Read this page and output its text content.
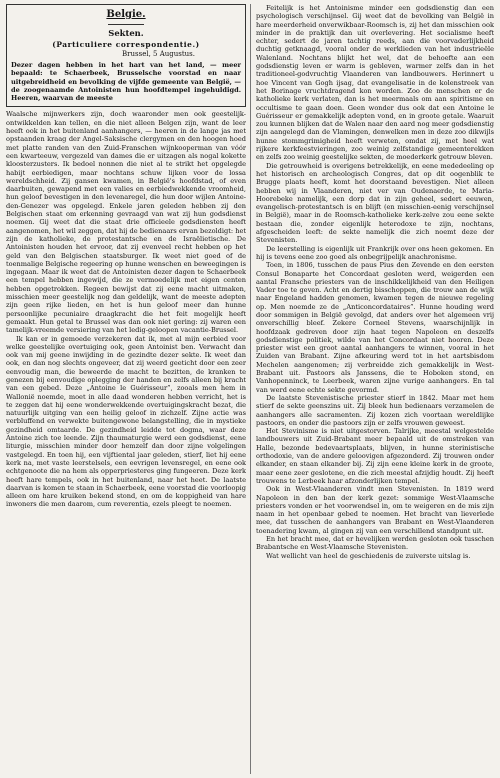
Belgie.
Sekten.
(Particuliere correspondentie.)
Brussel, 5 Augustus.

Dezer dagen hebben in het hart van het land, — meer bepaald: te Schaerbeek, Brusselsche voorstad en naar uitgebreidheid en bevolking de vijfde gemeente van België, — de zoogenaamde Antoinisten hun hoofdtempel ingehuldigd. Heeren, waarvan de meeste

Waalsche mijnwerkers zijn, doch waaronder men ook geestelijk-ontwikkelden kan tellen, en die niet alleen Belgen zijn, want de leer heeft ook in het buitenland aanhangers, — heeren in de lange jas met opstaanden kraag der Angel-Saksische clergymen en den hoogen hoed met platte randen van den Zuid-Franschen wijnkooperman van vóór een kwarteeuw, vergezeld van dames die er uitzagen als nogal kokette kloosterzusters. Ik bedoel nonnen die niet al te strikt het opgelegde habijt eerbiedigen, maar nochtans schuw lijken voor de lossa wereldschheid. Zij gansen kwamen, in België's hoofdstad, of even daarbuiten, gewapend met een valies en eerbiedwekkende vroomheid, hun geloof bevestigen in den levenaregel, die hun door wijlen Antoine-den-Genezer was opgelegd. Enkele jaren geleden hebben zij den Belgischen staat om erkenning gevraagd van wat zij hun godsdienst noemen. Gij weet dat die staat drie officieele godsdiensten heeft aangenomen, het wil zeggen, dat hij de bedienaars ervan bezoldigt: het zijn de katholieke, de protestantsche en de Israëlietische. De Antoinisten houden het ervoor, dat zij evenveel recht hebben op het geld van den Belgischen staatsburger. Ik weet niet goed of de toenmalige Belgische regeering op hunne wenschen en beweegingen is ingegaan. Maar ik weet dat de Antoinisten dezer dagen te Schaerbeek een tempel hebben ingewijd, die ze vermoedelijk met eigen centen hebben opgetrokken. Regeen bewijst dat zij eene macht uitmaken, misschien meer geestelijk nog dan geldelijk, want de meeste adepten zijn geen rijke lieden, en het is hun geloof meer dan hunne persoonlijke pecuniaire draagkracht die het feit mogelijk heeft gemaakt. Hun getal te Brussel was dan ook niet gering: zij waren een tamelijk-vreemde versiering van het ledig-geloopen vacantie-Brussel.

Ik kan er in gemoede verzekeren dat ik, met al mijn eerbied voor welke geestelijke overtuiging ook, geen Antoinist ben. Verwacht dan ook van mij geene inwijding in de gezindte dezer sekte. Ik weet dan ook, en dan nog slechts ongeveer, dat zij weerd geeticht door een zeer eenvoudig man, die beweerde de macht te bezitten, de kranken te genezen bij eenvoudige oplegging der handen en zelfs alleen bij kracht van een gebed. Deze „Antoine le Guérisseur”, zooals men hem in Wallonië noemde, moet in alle daad wonderen hebben verricht, het is te zeggen dat hij eene wonderwekkende overtuigingskracht bezat, die natuurlijk uitging van een heilig geloof in zichzelf. Zijne actie was verbluffend en verwekte buitengewone belangstelling, die in mystieke gezindheid omtaarde. De gezindheid leidde tot dogma, waar deze Antoine zich toe leende. Zijn thaumaturgie werd een godsdienst, eene liturgie, misschien minder door hemzelf dan door zijne volgelingen vastgelegd. En toen hij, een vijftiental jaar geleden, stierf, liet hij eene kerk na, met vaste leerstelsels, een eevrigen levensregel, en eene ook echtgenoote die na hem als opperpriesteres ging fungeeren. Deze kerk heeft hare tempels, ook in het buitenland, naar het heet. De laatste daarvan is komen te staan in Schaerbeek, eene voorstad die voorloopig alleen om hare kruiken bekend stond, en om de koppigheid van hare inwoners die men daarom, cum reverentia, ezels pleegt te noemen.

Feitelijk is het Antoinisme minder een godsdienstig dan een psychologisch verschijnsel. Gij weet dat de bevolking van België in hare meerderheid onverwikbaar-Roomsch is, zij het dan misschien ook minder in de praktijk dan uit overlevering. Het socialisme heeft echter, sedert de jaren tachtig reeds, aan die voorvaderlijkheid duchtig getknaagd, vooral onder de werklieden van het industrieële Walenland. Nochtans blijkt het wel, dat de behoefte aan een godsdienstig leven er warm is gebleven, warmer zelfs dan in het traditioneel-godvruchtig Vlaanderen van landbouwers. Herinnert u hoe Vincent van Gogh ijsag, dat evangelisatie in de kolenstreek van het Borinage vruchtdragend kon worden. Zoo de menschen er de katholieke kerk verlaten, dan is het meermaals om aan spiritisme en occultisme te gaan doen. Geen wonder dus ook dat een Antoine le Guérisseur er gemakkelijk adepten vond, en in groote getale. Waaruit zou kunnen blijken dat de Walen naar den aard nog meer godsdienstig zijn aangelegd dan de Vlamingen, denwelken men in deze zoo dikwijls hunne stommgrimigheid heeft verweten, omdat zij, met heel wat rijkere kerkfeestvieringen, zoo weinig zelfstandige gemeenterekken en zelfs zoo weinig geestelijke sekten, de moederkerk getrouw bleven.

Die getrouwheid is overigens betrekkelijk, en eene mededeeling op het historisch en archeologisch Congres, dat op dit oogenblik te Brugge plaats heeft, komt het doorstaand bevestigen. Niet alleen hebben wij in Vlaanderen, niet ver van Oudenaerde, te Maria-Hoorebeke namelijk, een dorp dat in zijn geheel, sedert eeuwen, evangelisch-protestantsch is en blijft (en misschien-eenig verschijnsel in België), maar in de Roomsch-katholieke kerk-zelve zou eene sekte bestaan die, zonder eigenlijk heterodoxe te zijn, nochtans, afgescheiden leeft: de sekte namelijk die zich noemt deze der Stevenisten.

De leerstelling is eigenlijk uit Frankrijk over ons heen gekomen. En hij is tevens eene zoo goed als onbegrijpelijk anachronisme.

Toen, in 1806, tusschen de paus Pius den Zevende en den eersten Consul Bonaparte het Concordaat gesloten werd, weigerden een aantal Fransche priesters van de inschikkelijkheid van den Heiligen Vader toe te geven. Acht en dertig bisschoppen, die trouw aan de wijk naar Engeland hadden genomen, kwamen tegen de nieuwe regeling op. Men noemde ze de „Anticoncordataires”. Hunne houding werd door sommigen in België gevolgd, dat anders over het algemeen vrij onverschillig bleef. Zekere Corneel Stevens, waarschijnlijk in hoofdzaak gedreven door zijn haat tegen Napoleon en deszelfs godsdienstige politiek, wilde van het Concordaat niet hooren. Deze priester wist een groot aantal aanhangers te winnen, vooral in het Zuiden van Brabant. Zijne afkeuring werd tot in het aartsbisdom Mechelen aangenomen; zij verbreidde zich gemakkelijk in West-Brabant uit. Pastoors als Janssens, die te Hoboken stond, en Vanhopenninck, te Leerbeek, waren zijne vurige aanhangers. En tal van werd eene echte sekte gevormd.

De laatste Stevenistische priester stierf in 1842. Maar met hem stierf de sekte geenszins uit. Zij bleek hun bedienaars verzamelen de aanhangers alle sacramenten. Zij kozen zich voortaan wereldlijke pastoors, en onder die pastoors zijn er zelfs vrouwen geweest.

Het Stevinisme is niet uitgestorven. Talrijke, meestal welgestelde landbouwers uit Zuid-Brabant meer bepaald uit de omstreken van Halle, bezonde bedevaartsplaats, blijven, in hunne sterinistische orthodoxie, van de andere geloovigen afgezonderd. Zij trouwen onder elkander, en staan elkander bij. Zij zijn eene kleine kerk in de groote, maar eene zeer geslotene, en die zich meestal afzijdig houdt. Zij heeft trouwens te Lerbeek haar afzonderlijken tempel.

Ook in West-Vlaanderen vindt men Stevenisten. In 1819 werd Napoleon in den ban der kerk gezet: sommige West-Vlaamsche priesters vonden er het voorwendsel in, om te weigeren en de mis zijn naam in het openbaar gebed te noemen. Het bracht van lieverlede mee, dat tusschen de aanhangers van Brabant en West-Vlaanderen toenadering kwam, al gingen zij van een verschillend standpunt uit.

En het bracht mee, dat er hevelijken werden gesloten ook tusschen Brabantsche en West-Vlaamsche Stevenisten.

Wat wellicht van heel de geschiedenis de zuiverste uitslag is.
